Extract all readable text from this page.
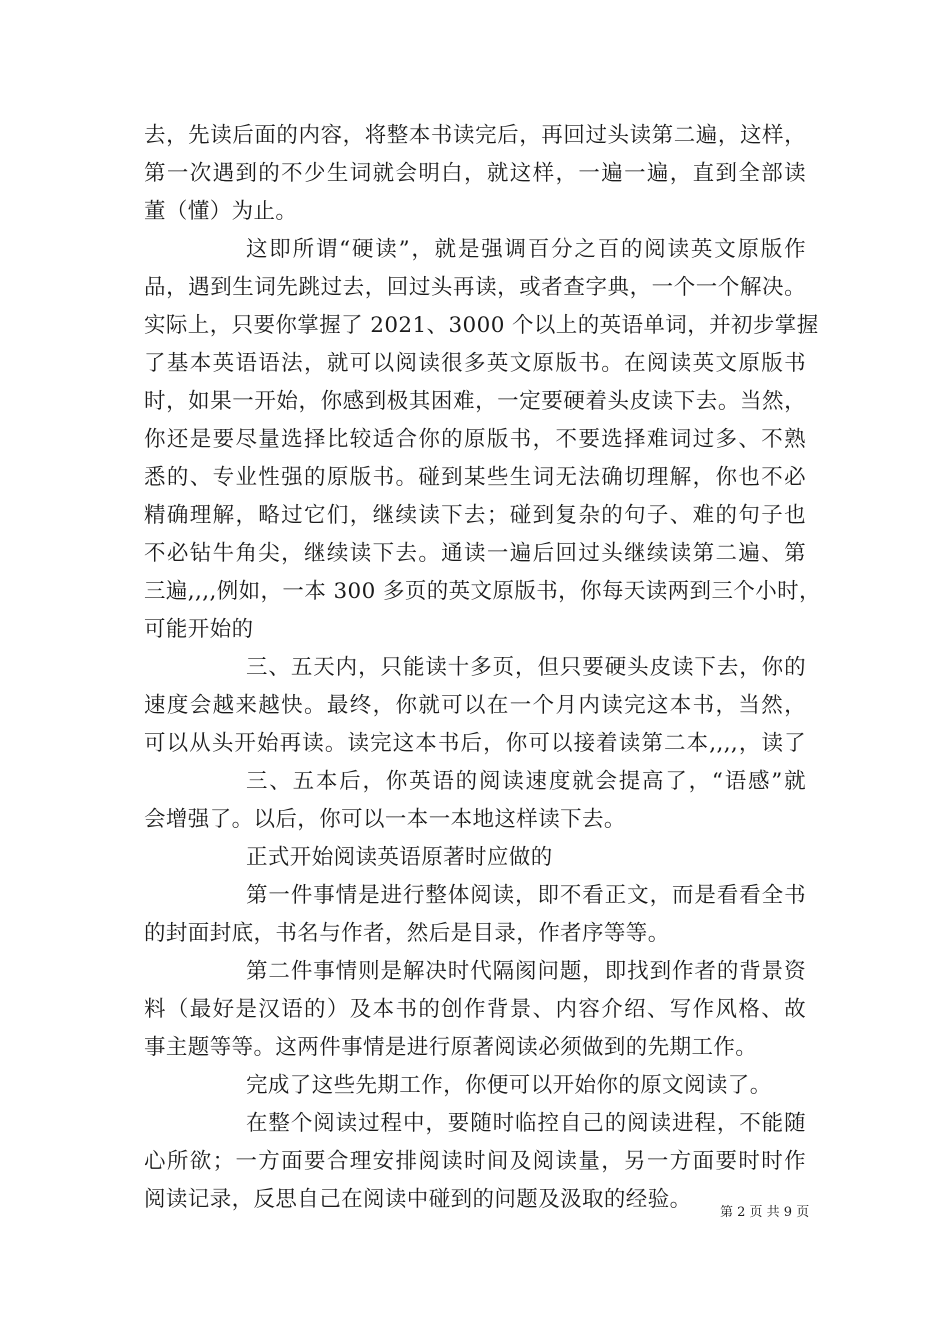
去，先读后面的内容，将整本书读完后，再回过头读第二遍，这样，
第一次遇到的不少生词就会明白，就这样，一遍一遍，直到全部读
董（懂）为止。
这即所谓“硬读”，就是强调百分之百的阅读英文原版作
品，遇到生词先跳过去，回过头再读，或者查字典，一个一个解决。
实际上，只要你掌握了 2021、3000 个以上的英语单词，并初步掌握
了基本英语语法，就可以阅读很多英文原版书。在阅读英文原版书
时，如果一开始，你感到极其困难，一定要硬着头皮读下去。当然，
你还是要尽量选择比较适合你的原版书，不要选择难词过多、不熟
悉的、专业性强的原版书。碰到某些生词无法确切理解，你也不必
精确理解，略过它们，继续读下去；碰到复杂的句子、难的句子也
不必钻牛角尖，继续读下去。通读一遍后回过头继续读第二遍、第
三遍,,,,例如，一本 300 多页的英文原版书，你每天读两到三个小时，
可能开始的
三、五天内，只能读十多页，但只要硬头皮读下去，你的
速度会越来越快。最终，你就可以在一个月内读完这本书，当然，
可以从头开始再读。读完这本书后，你可以接着读第二本,,,,，读了
三、五本后，你英语的阅读速度就会提高了，“语感”就
会增强了。以后，你可以一本一本地这样读下去。
正式开始阅读英语原著时应做的
第一件事情是进行整体阅读，即不看正文，而是看看全书
的封面封底，书名与作者，然后是目录，作者序等等。
第二件事情则是解决时代隔阂问题，即找到作者的背景资
料（最好是汉语的）及本书的创作背景、内容介绍、写作风格、故
事主题等等。这两件事情是进行原著阅读必须做到的先期工作。
完成了这些先期工作，你便可以开始你的原文阅读了。
在整个阅读过程中，要随时临控自己的阅读进程，不能随
心所欲；一方面要合理安排阅读时间及阅读量，另一方面要时时作
阅读记录，反思自己在阅读中碰到的问题及汲取的经验。
第 2 页 共 9 页
